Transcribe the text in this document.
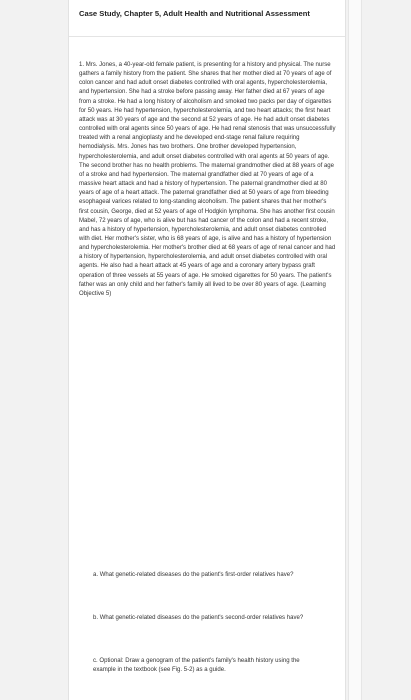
Case Study, Chapter 5, Adult Health and Nutritional Assessment
1. Mrs. Jones, a 40-year-old female patient, is presenting for a history and physical. The nurse gathers a family history from the patient. She shares that her mother died at 70 years of age of colon cancer and had adult onset diabetes controlled with oral agents, hypercholesterolemia, and hypertension. She had a stroke before passing away. Her father died at 67 years of age from a stroke. He had a long history of alcoholism and smoked two packs per day of cigarettes for 50 years. He had hypertension, hypercholesterolemia, and two heart attacks; the first heart attack was at 30 years of age and the second at 52 years of age. He had adult onset diabetes controlled with oral agents since 50 years of age. He had renal stenosis that was unsuccessfully treated with a renal angioplasty and he developed end-stage renal failure requiring hemodialysis. Mrs. Jones has two brothers. One brother developed hypertension, hypercholesterolemia, and adult onset diabetes controlled with oral agents at 50 years of age. The second brother has no health problems. The maternal grandmother died at 88 years of age of a stroke and had hypertension. The maternal grandfather died at 70 years of age of a massive heart attack and had a history of hypertension. The paternal grandmother died at 80 years of age of a heart attack. The paternal grandfather died at 50 years of age from bleeding esophageal varices related to long-standing alcoholism. The patient shares that her mother's first cousin, George, died at 52 years of age of Hodgkin lymphoma. She has another first cousin Mabel, 72 years of age, who is alive but has had cancer of the colon and had a recent stroke, and has a history of hypertension, hypercholesterolemia, and adult onset diabetes controlled with diet. Her mother's sister, who is 68 years of age, is alive and has a history of hypertension and hypercholesterolemia. Her mother's brother died at 68 years of age of renal cancer and had a history of hypertension, hypercholesterolemia, and adult onset diabetes controlled with oral agents. He also had a heart attack at 45 years of age and a coronary artery bypass graft operation of three vessels at 55 years of age. He smoked cigarettes for 50 years. The patient's father was an only child and her father's family all lived to be over 80 years of age. (Learning Objective 5)
a. What genetic-related diseases do the patient's first-order relatives have?
b. What genetic-related diseases do the patient's second-order relatives have?
c. Optional: Draw a genogram of the patient's family's health history using the example in the textbook (see Fig. 5-2) as a guide.
